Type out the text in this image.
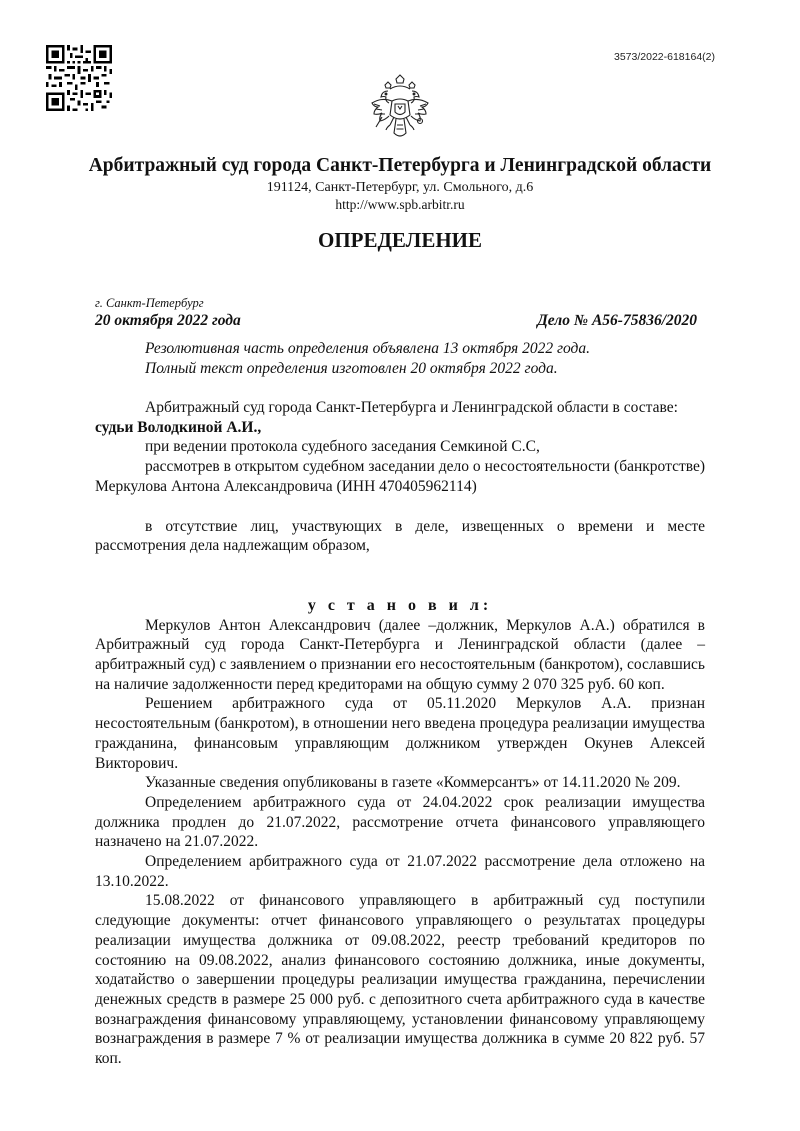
3573/2022-618164(2)
Арбитражный суд города Санкт-Петербурга и Ленинградской области
191124, Санкт-Петербург, ул. Смольного, д.6
http://www.spb.arbitr.ru
ОПРЕДЕЛЕНИЕ
г. Санкт-Петербург
20 октября 2022 года	Дело № А56-75836/2020
Резолютивная часть определения объявлена 13 октября 2022 года.
Полный текст определения изготовлен 20 октября 2022 года.

Арбитражный суд города Санкт-Петербурга и Ленинградской области в составе:

судьи Володкиной А.И.,

при ведении протокола судебного заседания Семкиной С.С,

рассмотрев в открытом судебном заседании дело о несостоятельности (банкротстве) Меркулова Антона Александровича (ИНН 470405962114)

в отсутствие лиц, участвующих в деле, извещенных о времени и месте рассмотрения дела надлежащим образом,

у с т а н о в и л:

Меркулов Антон Александрович (далее –должник, Меркулов А.А.) обратился в Арбитражный суд города Санкт-Петербурга и Ленинградской области (далее – арбитражный суд) с заявлением о признании его несостоятельным (банкротом), сославшись на наличие задолженности перед кредиторами на общую сумму 2 070 325 руб. 60 коп.

Решением арбитражного суда от 05.11.2020 Меркулов А.А. признан несостоятельным (банкротом), в отношении него введена процедура реализации имущества гражданина, финансовым управляющим должником утвержден Окунев Алексей Викторович.

Указанные сведения опубликованы в газете «Коммерсантъ» от 14.11.2020 № 209.

Определением арбитражного суда от 24.04.2022 срок реализации имущества должника продлен до 21.07.2022, рассмотрение отчета финансового управляющего назначено на 21.07.2022.

Определением арбитражного суда от 21.07.2022 рассмотрение дела отложено на 13.10.2022.

15.08.2022 от финансового управляющего в арбитражный суд поступили следующие документы: отчет финансового управляющего о результатах процедуры реализации имущества должника от 09.08.2022, реестр требований кредиторов по состоянию на 09.08.2022, анализ финансового состоянию должника, иные документы, ходатайство о завершении процедуры реализации имущества гражданина, перечислении денежных средств в размере 25 000 руб. с депозитного счета арбитражного суда в качестве вознаграждения финансовому управляющему, установлении финансовому управляющему вознаграждения в размере 7 % от реализации имущества должника в сумме 20 822 руб. 57 коп.
